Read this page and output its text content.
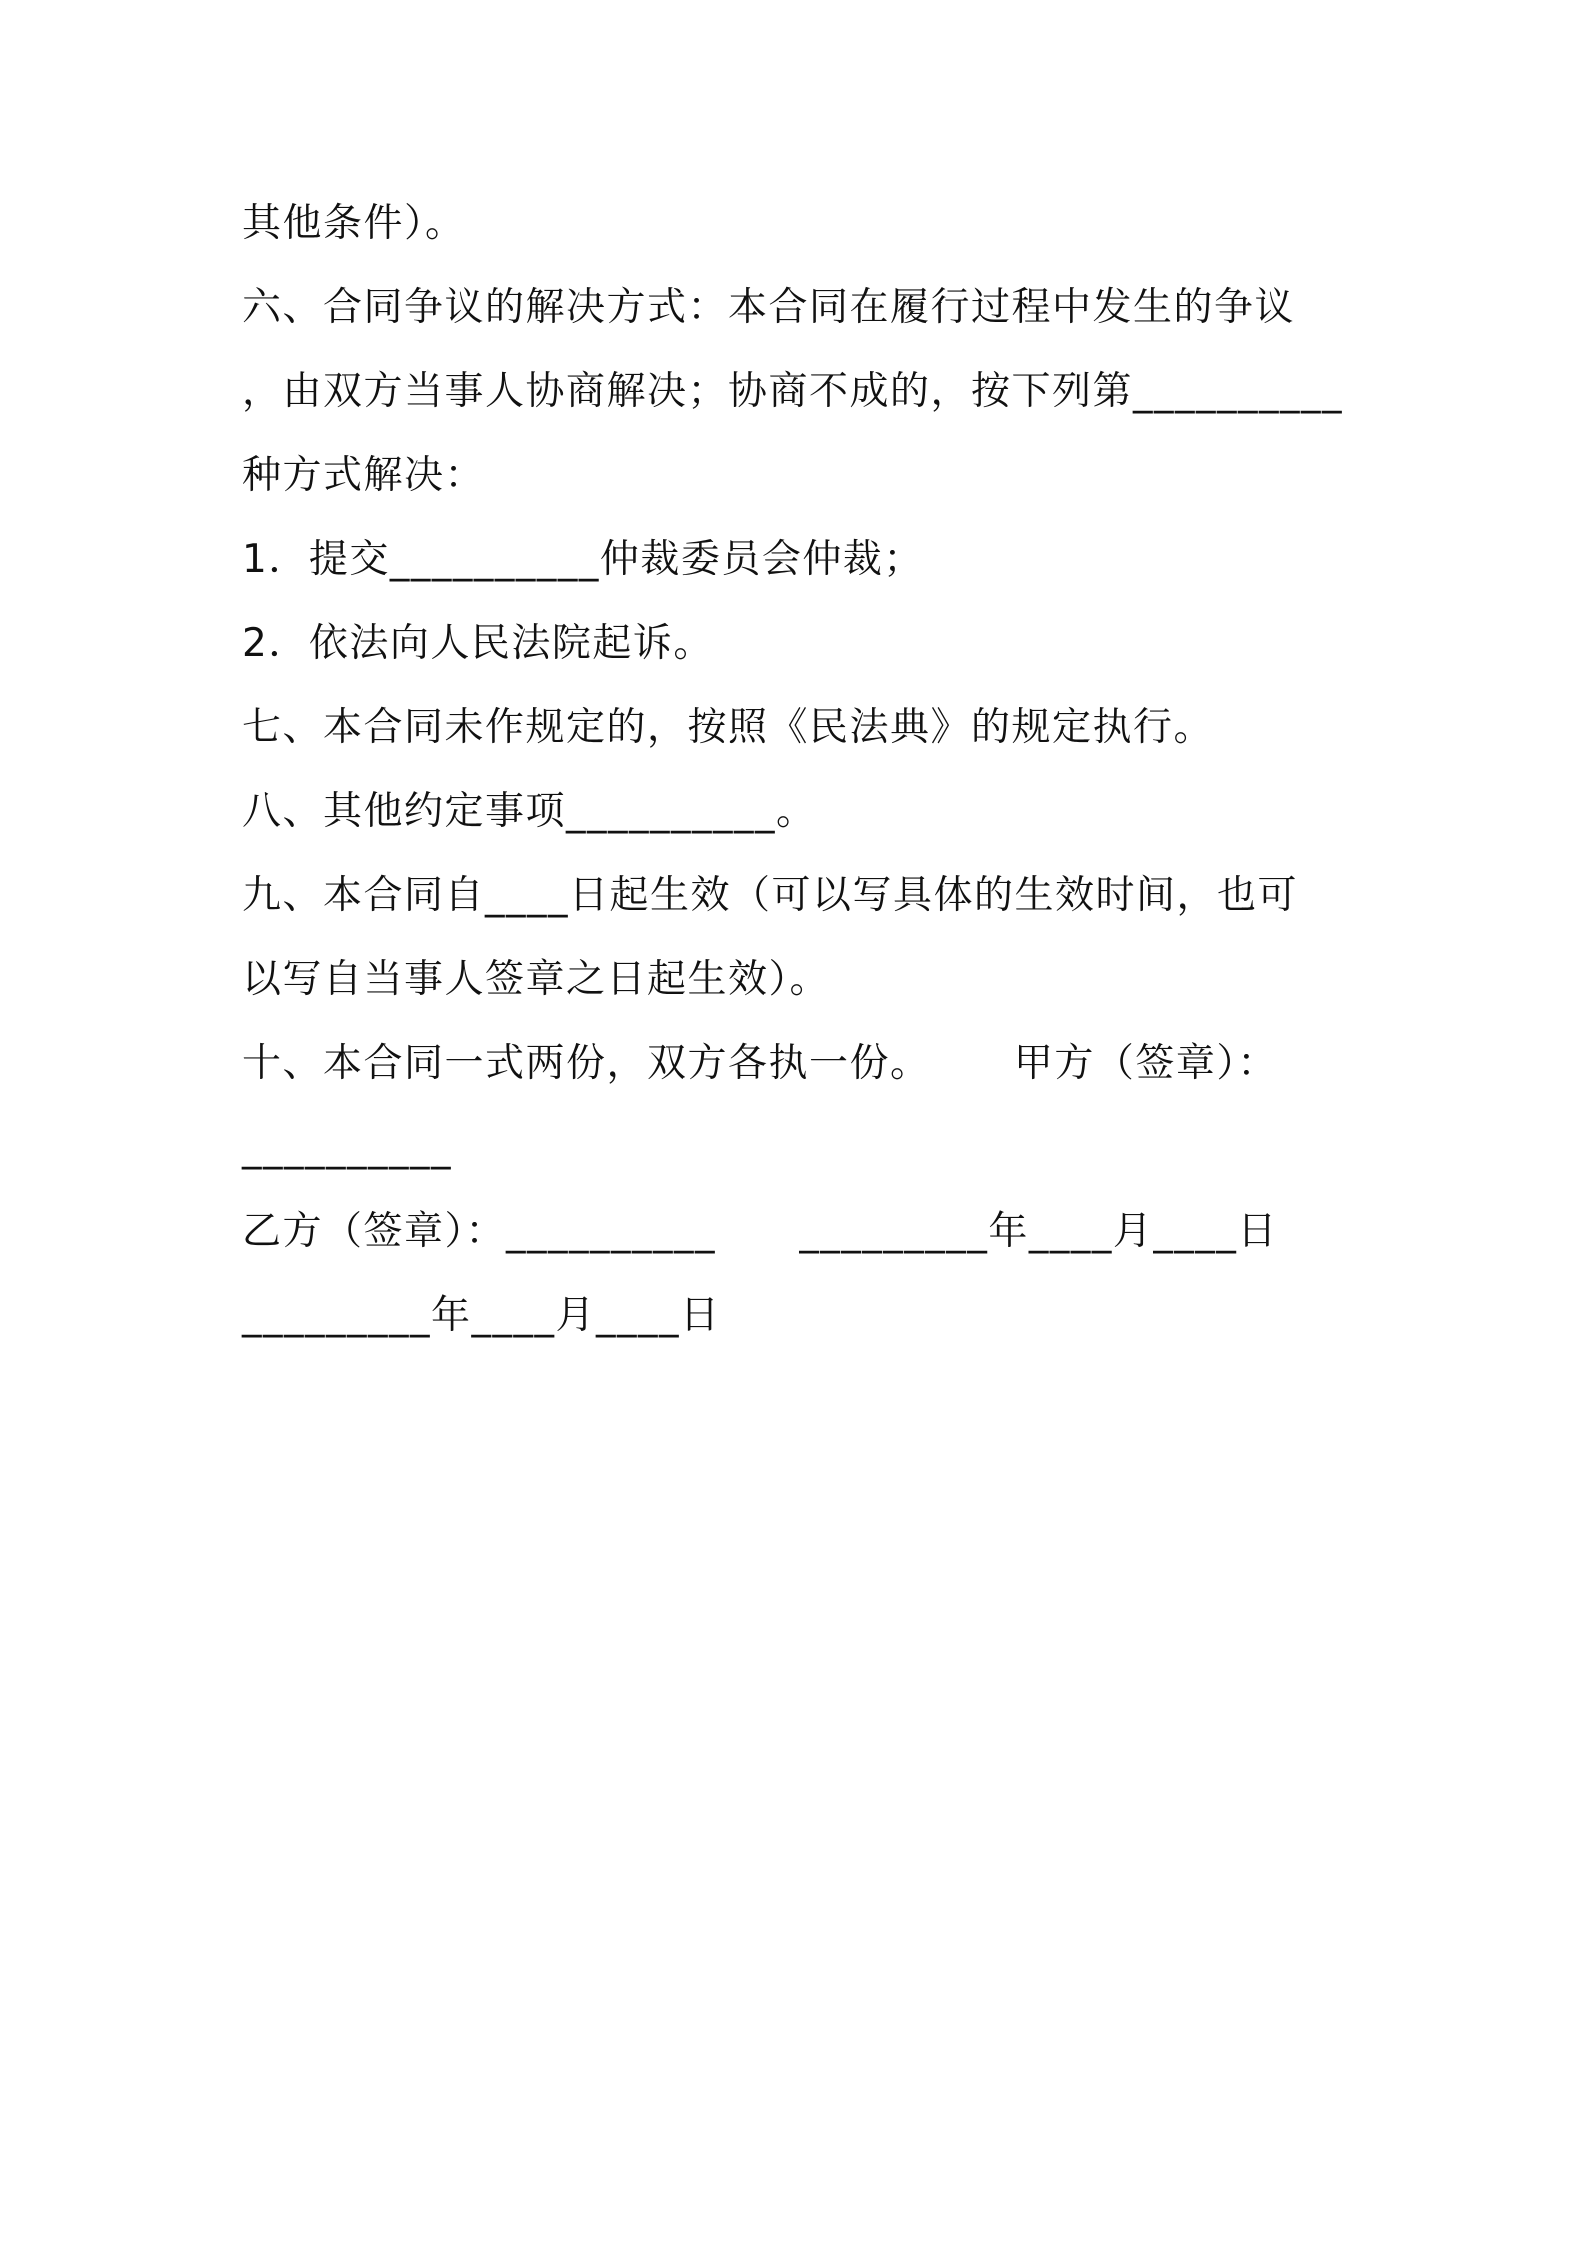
其他条件）。
六、合同争议的解决方式：本合同在履行过程中发生的争议
，由双方当事人协商解决；协商不成的，按下列第__________
种方式解决：
1．提交__________仲裁委员会仲裁；
2．依法向人民法院起诉。
七、本合同未作规定的，按照《民法典》的规定执行。
八、其他约定事项__________。
九、本合同自____日起生效（可以写具体的生效时间，也可
以写自当事人签章之日起生效）。
十、本合同一式两份，双方各执一份。      甲方（签章）：
__________
乙方（签章）：__________      _________年____月____日
_________年____月____日
